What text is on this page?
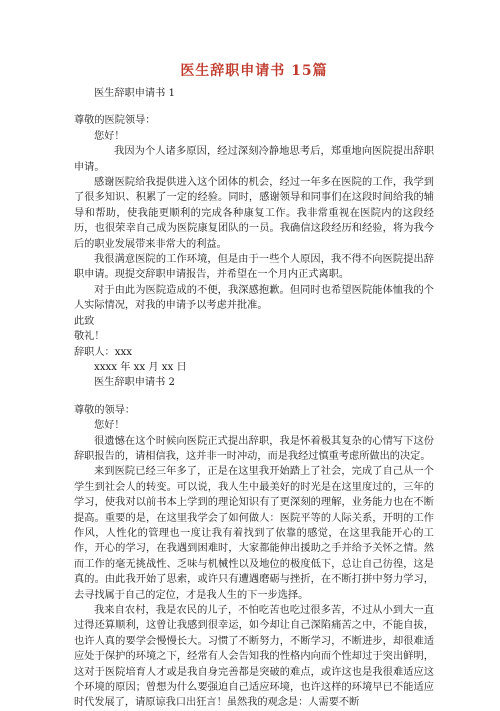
医生辞职申请书 15篇
医生辞职申请书 1
尊敬的医院领导：
您好！

我因为个人诸多原因，经过深刻冷静地思考后，郑重地向医院提出辞职申请。

感谢医院给我提供进入这个团体的机会，经过一年多在医院的工作，我学到了很多知识、积累了一定的经验。同时，感谢领导和同事们在这段时间给我的辅导和帮助，使我能更顺利的完成各种康复工作。我非常重视在医院内的这段经历，也很荣幸自己成为医院康复团队的一员。我确信这段经历和经验，将为我今后的职业发展带来非常大的利益。

我很满意医院的工作环境，但是由于一些个人原因，我不得不向医院提出辞职申请。现提交辞职申请报告，并希望在一个月内正式离职。

对于由此为医院造成的不便，我深感抱歉。但同时也希望医院能体恤我的个人实际情况，对我的申请予以考虑并批准。

此致
敬礼！
辞职人：xxx
xxxx 年 xx 月 xx 日
医生辞职申请书 2
尊敬的领导：
您好！

很遗憾在这个时候向医院正式提出辞职，我是怀着极其复杂的心情写下这份辞职报告的，请相信我，这并非一时冲动，而是我经过慎重考虑所做出的决定。

来到医院已经三年多了，正是在这里我开始踏上了社会，完成了自己从一个学生到社会人的转变。可以说，我人生中最美好的时光是在这里度过的，三年的学习，使我对以前书本上学到的理论知识有了更深刻的理解，业务能力也在不断提高。重要的是，在这里我学会了如何做人：医院平等的人际关系，开明的工作作风，人性化的管理也一度让我有着找到了依靠的感觉，在这里我能开心的工作，开心的学习，在我遇到困难时，大家都能伸出援助之手并给予关怀之情。然而工作的毫无挑战性、乏味与机械性以及地位的极度低下，总让自己彷徨，这是真的。由此我开始了思索，或许只有遭遇磨砺与挫折，在不断打拼中努力学习，去寻找属于自己的定位，才是我人生的下一步选择。

我来自农村，我是农民的儿子，不怕吃苦也吃过很多苦，不过从小到大一直过得还算顺利，这曾让我感到很幸运，如今却让自己深陷痛苦之中，不能自拔，也许人真的要学会慢慢长大。习惯了不断努力，不断学习，不断进步，却很难适应处于保护的环境之下，经常有人会告知我的性格内向而个性却过于突出鲜明，这对于医院培育人才或是我自身完善都是突破的难点，或许这也是我很难适应这个环境的原因；曾想为什么要强迫自己适应环境，也许这样的环境早已不能适应时代发展了，请原谅我口出狂言！虽然我的观念是：人需要不断
